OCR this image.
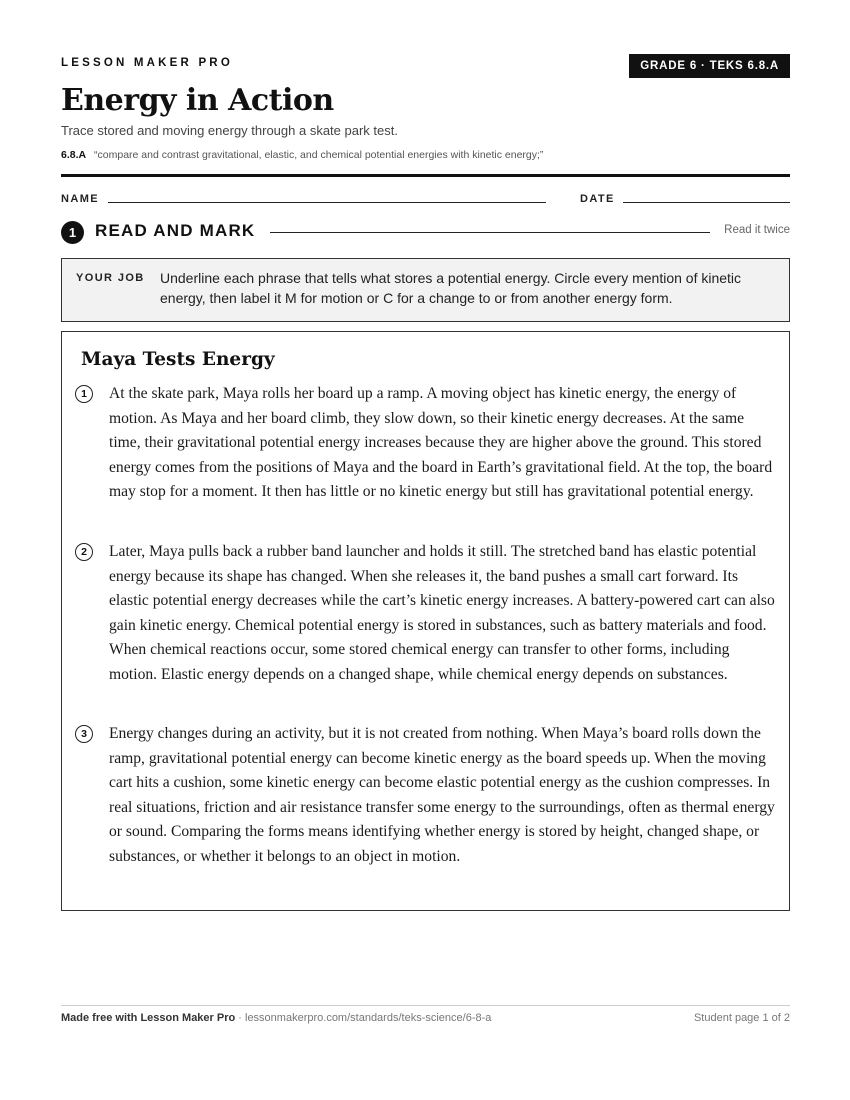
LESSON MAKER PRO	GRADE 6 · TEKS 6.8.A
Energy in Action
Trace stored and moving energy through a skate park test.
6.8.A “compare and contrast gravitational, elastic, and chemical potential energies with kinetic energy;”
NAME	DATE
1	READ AND MARK	Read it twice
YOUR JOB Underline each phrase that tells what stores a potential energy. Circle every mention of kinetic energy, then label it M for motion or C for a change to or from another energy form.
Maya Tests Energy
1	At the skate park, Maya rolls her board up a ramp. A moving object has kinetic energy, the energy of motion. As Maya and her board climb, they slow down, so their kinetic energy decreases. At the same time, their gravitational potential energy increases because they are higher above the ground. This stored energy comes from the positions of Maya and the board in Earth’s gravitational field. At the top, the board may stop for a moment. It then has little or no kinetic energy but still has gravitational potential energy.
2	Later, Maya pulls back a rubber band launcher and holds it still. The stretched band has elastic potential energy because its shape has changed. When she releases it, the band pushes a small cart forward. Its elastic potential energy decreases while the cart’s kinetic energy increases. A battery-powered cart can also gain kinetic energy. Chemical potential energy is stored in substances, such as battery materials and food. When chemical reactions occur, some stored chemical energy can transfer to other forms, including motion. Elastic energy depends on a changed shape, while chemical energy depends on substances.
3	Energy changes during an activity, but it is not created from nothing. When Maya’s board rolls down the ramp, gravitational potential energy can become kinetic energy as the board speeds up. When the moving cart hits a cushion, some kinetic energy can become elastic potential energy as the cushion compresses. In real situations, friction and air resistance transfer some energy to the surroundings, often as thermal energy or sound. Comparing the forms means identifying whether energy is stored by height, changed shape, or substances, or whether it belongs to an object in motion.
Made free with Lesson Maker Pro · lessonmakerpro.com/standards/teks-science/6-8-a	Student page 1 of 2
